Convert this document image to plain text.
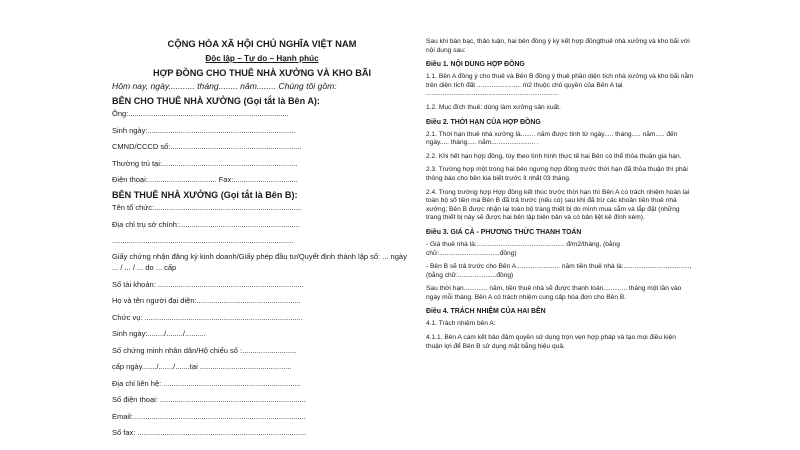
CỘNG HÒA XÃ HỘI CHỦ NGHĨA VIỆT NAM
Độc lập – Tự do – Hạnh phúc
HỢP ĐỒNG CHO THUÊ NHÀ XƯỞNG VÀ KHO BÃI
Hôm nay, ngày........... tháng........ năm........ Chúng tôi gồm:
BÊN CHO THUÊ NHÀ XƯỞNG (Gọi tắt là Bên A):
Ông:.............................................................................
Sinh ngày:.......................................................................
CMND/CCCD số:...............................................................
Thường trú tại:.................................................................
Điện thoại:................................. Fax:...............................
BÊN THUÊ NHÀ XƯỞNG (Gọi tắt là Bên B):
Tên tổ chức:.......................................................................
Địa chỉ trụ sở chính:..........................................................
.......................................................................................
Giấy chứng nhận đăng ký kinh doanh/Giấy phép đầu tư/Quyết định thành lập số: ... ngày ... / ... / ... do ... cấp
Số tài khoản: ......................................................................
Họ và tên người đại diện:..................................................
Chức vụ: ............................................................................
Sinh ngày:......../......../..........
Số chứng minh nhân dân/Hộ chiếu số :..........................
cấp ngày......./......./.......tại ............................................
Địa chỉ liên hệ: ..................................................................
Số điện thoại: ......................................................................
Email:...................................................................................
Số fax: .................................................................................
Sau khi bàn bạc, thảo luận, hai bên đồng ý ký kết hợp đồngthuê nhà xưởng và kho bãi với nội dung sau:
Điều 1. NỘI DUNG HỢP ĐỒNG
1.1. Bên A đồng ý cho thuê và Bên B đồng ý thuê phần diện tích nhà xưởng và kho bãi nằm trên diện tích đất ........................ m2 thuộc chủ quyền của Bên A tại ........................................................................
1.2. Mục đích thuê: dùng làm xưởng sản xuất.
Điều 2. THỜI HẠN CỦA HỢP ĐỒNG
2.1. Thời hạn thuê nhà xưởng là........ năm được tính từ ngày..... tháng..... năm..... đến ngày..... tháng..... năm........................ .
2.2. Khi hết hạn hợp đồng, tùy theo tình hình thực tế hai Bên có thể thỏa thuận gia hạn.
2.3. Trường hợp một trong hai bên ngưng hợp đồng trước thời hạn đã thỏa thuận thì phải thông báo cho bên kia biết trước ít nhất 03 tháng.
2.4. Trong trường hợp Hợp đồng kết thúc trước thời hạn thì Bên A có trách nhiệm hoàn lại toàn bộ số tiền mà Bên B đã trả trước (nếu có) sau khi đã trừ các khoản tiền thuê nhà xưởng; Bên B được nhận lại toàn bộ trang thiết bị do mình mua sắm và lắp đặt (những trang thiết bị này sẽ được hai bên lập biên bản và có bản liệt kê đính kèm).
Điều 3. GIÁ CẢ - PHƯƠNG THỨC THANH TOÁN
- Giá thuê nhà là:................................................ đ/m2/tháng, (bằng chữ:.................................đồng)
- Bên B sẽ trả trước cho Bên A........................ năm tiền thuê nhà là:...................................., (bằng chữ:.....................đồng)
Sau thời hạn............. năm, tiền thuê nhà sẽ được thanh toán............. tháng một lần vào ngày mỗi tháng. Bên A có trách nhiệm cung cấp hóa đơn cho Bên B.
Điều 4. TRÁCH NHIỆM CỦA HAI BÊN
4.1. Trách nhiệm bên A:
4.1.1. Bên A cam kết bảo đảm quyền sử dụng trọn vẹn hợp pháp và tạo mọi điều kiện thuận lợi để Bên B sử dụng mặt bằng hiệu quả.
